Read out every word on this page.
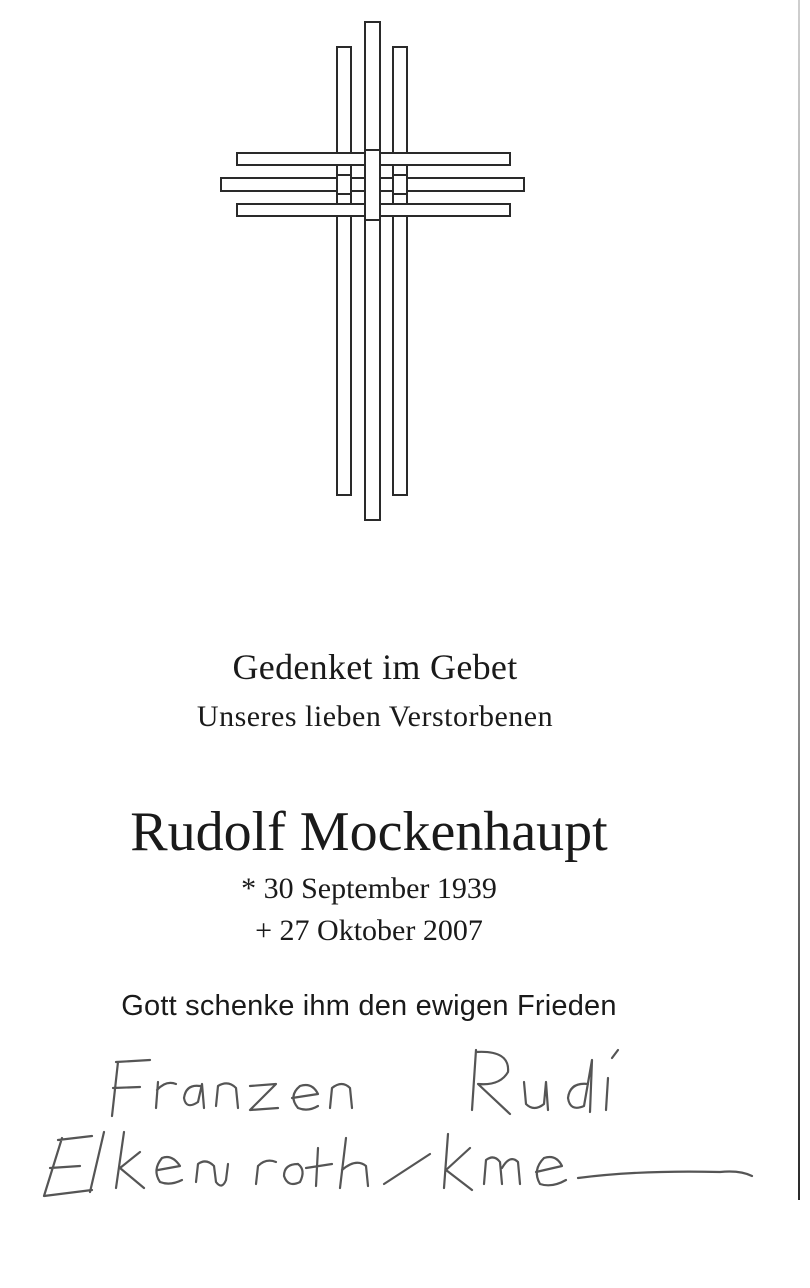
Gedenket im Gebet
Unseres lieben Verstorbenen
Rudolf Mockenhaupt
* 30 September 1939
+ 27 Oktober 2007
Gott schenke ihm den ewigen Frieden
